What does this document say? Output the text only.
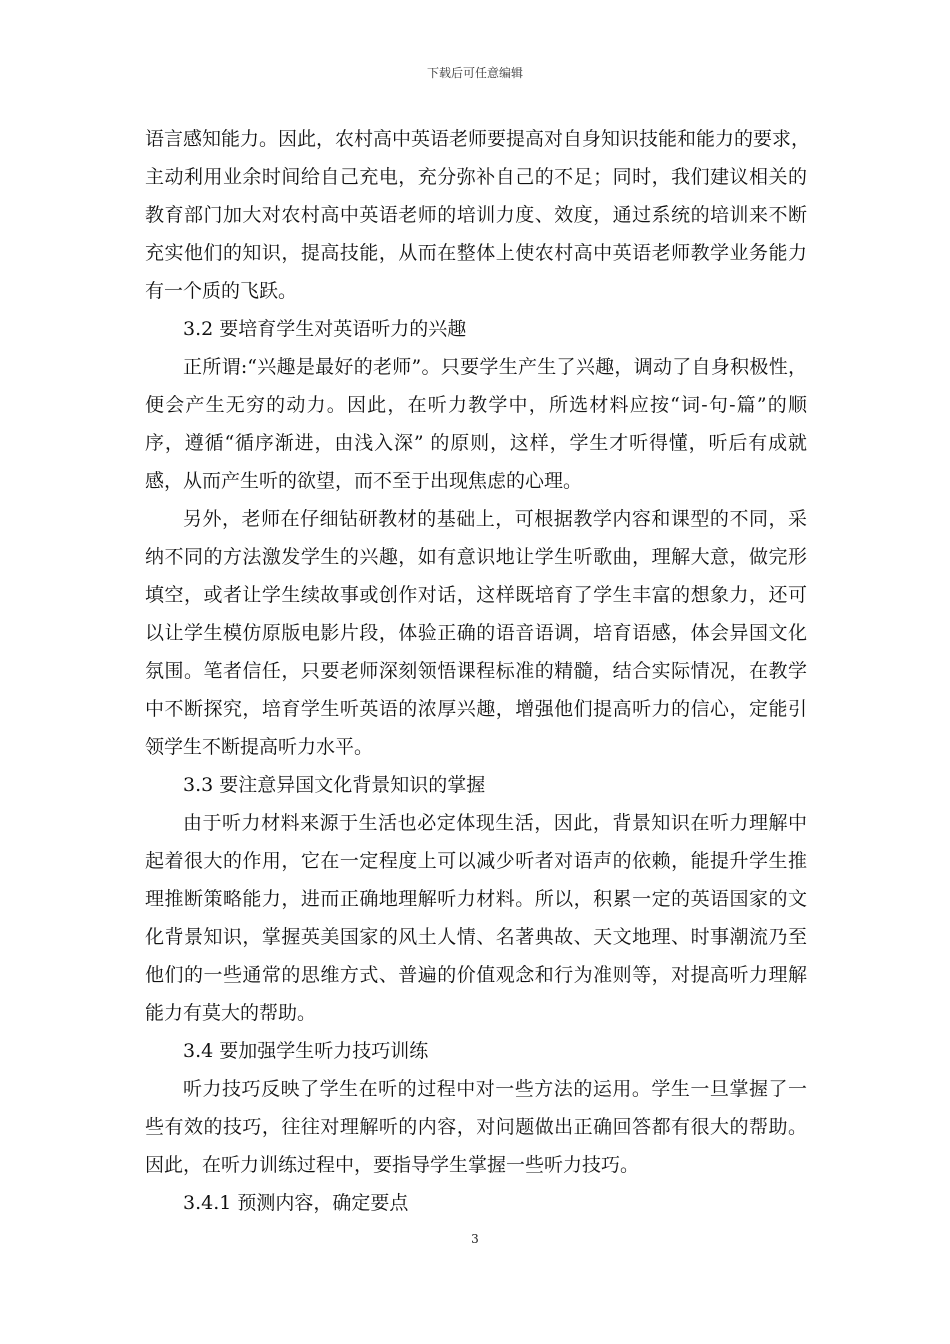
下载后可任意编辑
语言感知能力。因此，农村高中英语老师要提高对自身知识技能和能力的要求，
主动利用业余时间给自己充电，充分弥补自己的不足；同时，我们建议相关的
教育部门加大对农村高中英语老师的培训力度、效度，通过系统的培训来不断
充实他们的知识，提高技能，从而在整体上使农村高中英语老师教学业务能力
有一个质的飞跃。
3.2 要培育学生对英语听力的兴趣
正所谓:“兴趣是最好的老师”。只要学生产生了兴趣，调动了自身积极性，
便会产生无穷的动力。因此，在听力教学中，所选材料应按“词-句-篇”的顺
序，遵循“循序渐进，由浅入深” 的原则，这样，学生才听得懂，听后有成就
感，从而产生听的欲望，而不至于出现焦虑的心理。
另外，老师在仔细钻研教材的基础上，可根据教学内容和课型的不同，采
纳不同的方法激发学生的兴趣，如有意识地让学生听歌曲，理解大意，做完形
填空，或者让学生续故事或创作对话，这样既培育了学生丰富的想象力，还可
以让学生模仿原版电影片段，体验正确的语音语调，培育语感，体会异国文化
氛围。笔者信任，只要老师深刻领悟课程标准的精髓，结合实际情况，在教学
中不断探究，培育学生听英语的浓厚兴趣，增强他们提高听力的信心，定能引
领学生不断提高听力水平。
3.3 要注意异国文化背景知识的掌握
由于听力材料来源于生活也必定体现生活，因此，背景知识在听力理解中
起着很大的作用，它在一定程度上可以减少听者对语声的依赖，能提升学生推
理推断策略能力，进而正确地理解听力材料。所以，积累一定的英语国家的文
化背景知识，掌握英美国家的风土人情、名著典故、天文地理、时事潮流乃至
他们的一些通常的思维方式、普遍的价值观念和行为准则等，对提高听力理解
能力有莫大的帮助。
3.4 要加强学生听力技巧训练
听力技巧反映了学生在听的过程中对一些方法的运用。学生一旦掌握了一
些有效的技巧，往往对理解听的内容，对问题做出正确回答都有很大的帮助。
因此，在听力训练过程中，要指导学生掌握一些听力技巧。
3.4.1 预测内容，确定要点
3
